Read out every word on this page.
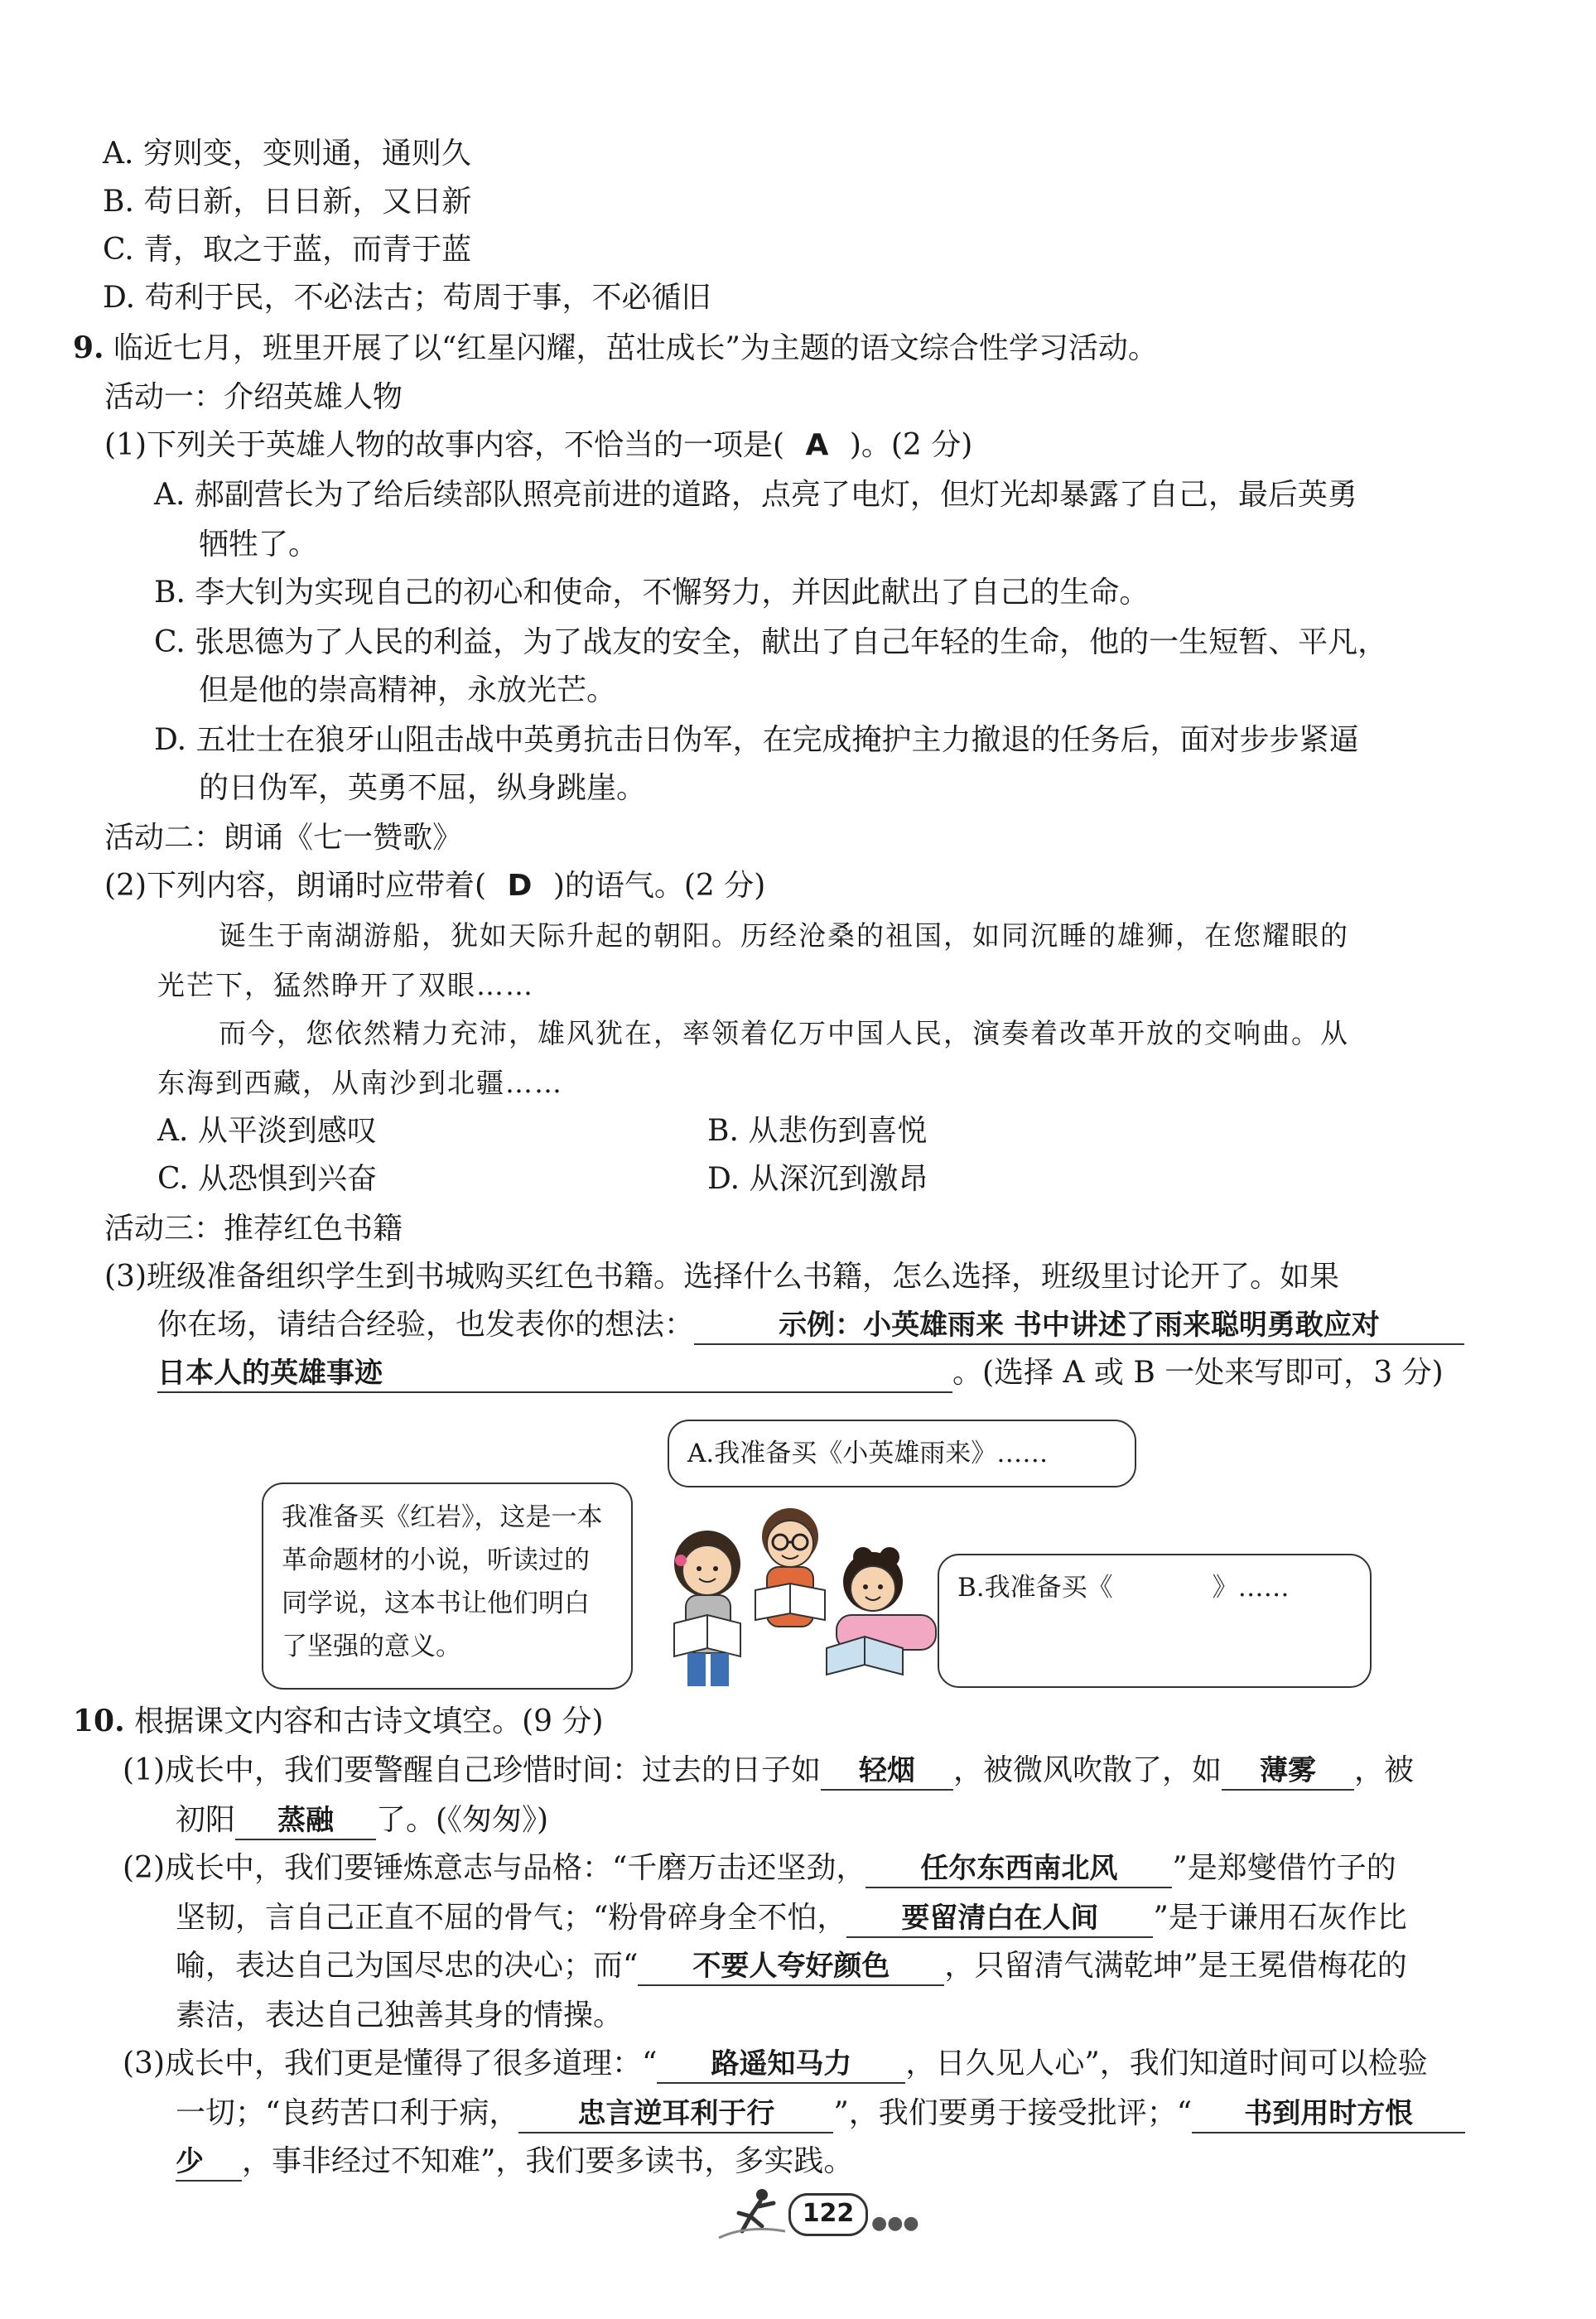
A. 穷则变，变则通，通则久
B. 苟日新，日日新，又日新
C. 青，取之于蓝，而青于蓝
D. 苟利于民，不必法古；苟周于事，不必循旧
9. 临近七月，班里开展了以“红星闪耀，茁壮成长”为主题的语文综合性学习活动。
活动一：介绍英雄人物
(1)下列关于英雄人物的故事内容，不恰当的一项是( A )。(2 分)
A. 郝副营长为了给后续部队照亮前进的道路，点亮了电灯，但灯光却暴露了自己，最后英勇
牺牲了。
B. 李大钊为实现自己的初心和使命，不懈努力，并因此献出了自己的生命。
C. 张思德为了人民的利益，为了战友的安全，献出了自己年轻的生命，他的一生短暂、平凡，
但是他的崇高精神，永放光芒。
D. 五壮士在狼牙山阻击战中英勇抗击日伪军，在完成掩护主力撤退的任务后，面对步步紧逼
的日伪军，英勇不屈，纵身跳崖。
活动二：朗诵《七一赞歌》
(2)下列内容，朗诵时应带着( D )的语气。(2 分)
诞生于南湖游船，犹如天际升起的朝阳。历经沧桑的祖国，如同沉睡的雄狮，在您耀眼的
光芒下，猛然睁开了双眼……
而今，您依然精力充沛，雄风犹在，率领着亿万中国人民，演奏着改革开放的交响曲。从
东海到西藏，从南沙到北疆……
A. 从平淡到感叹	B. 从悲伤到喜悦
C. 从恐惧到兴奋	D. 从深沉到激昂
活动三：推荐红色书籍
(3)班级准备组织学生到书城购买红色书籍。选择什么书籍，怎么选择，班级里讨论开了。如果
你在场，请结合经验，也发表你的想法：	示例：小英雄雨来 书中讲述了雨来聪明勇敢应对
日本人的英雄事迹	。(选择 A 或 B 一处来写即可，3 分)
A.我准备买《小英雄雨来》……
我准备买《红岩》，这是一本革命题材的小说，听读过的同学说，这本书让他们明白了坚强的意义。
B.我准备买《	》……
10. 根据课文内容和古诗文填空。(9 分)
(1)成长中，我们要警醒自己珍惜时间：过去的日子如 轻烟 ，被微风吹散了，如 薄雾 ，被
初阳 蒸融 了。(《匆匆》)
(2)成长中，我们要锤炼意志与品格：“千磨万击还坚劲， 任尔东西南北风 ”是郑燮借竹子的
坚韧，言自己正直不屈的骨气；“粉骨碎身全不怕， 要留清白在人间 ”是于谦用石灰作比
喻，表达自己为国尽忠的决心；而“ 不要人夸好颜色 ，只留清气满乾坤”是王冕借梅花的
素洁，表达自己独善其身的情操。
(3)成长中，我们更是懂得了很多道理：“ 路遥知马力 ，日久见人心”，我们知道时间可以检验
一切；“良药苦口利于病， 忠言逆耳利于行 ”，我们要勇于接受批评；“ 书到用时方恨
少 ，事非经过不知难”，我们要多读书，多实践。
122 ●●●
